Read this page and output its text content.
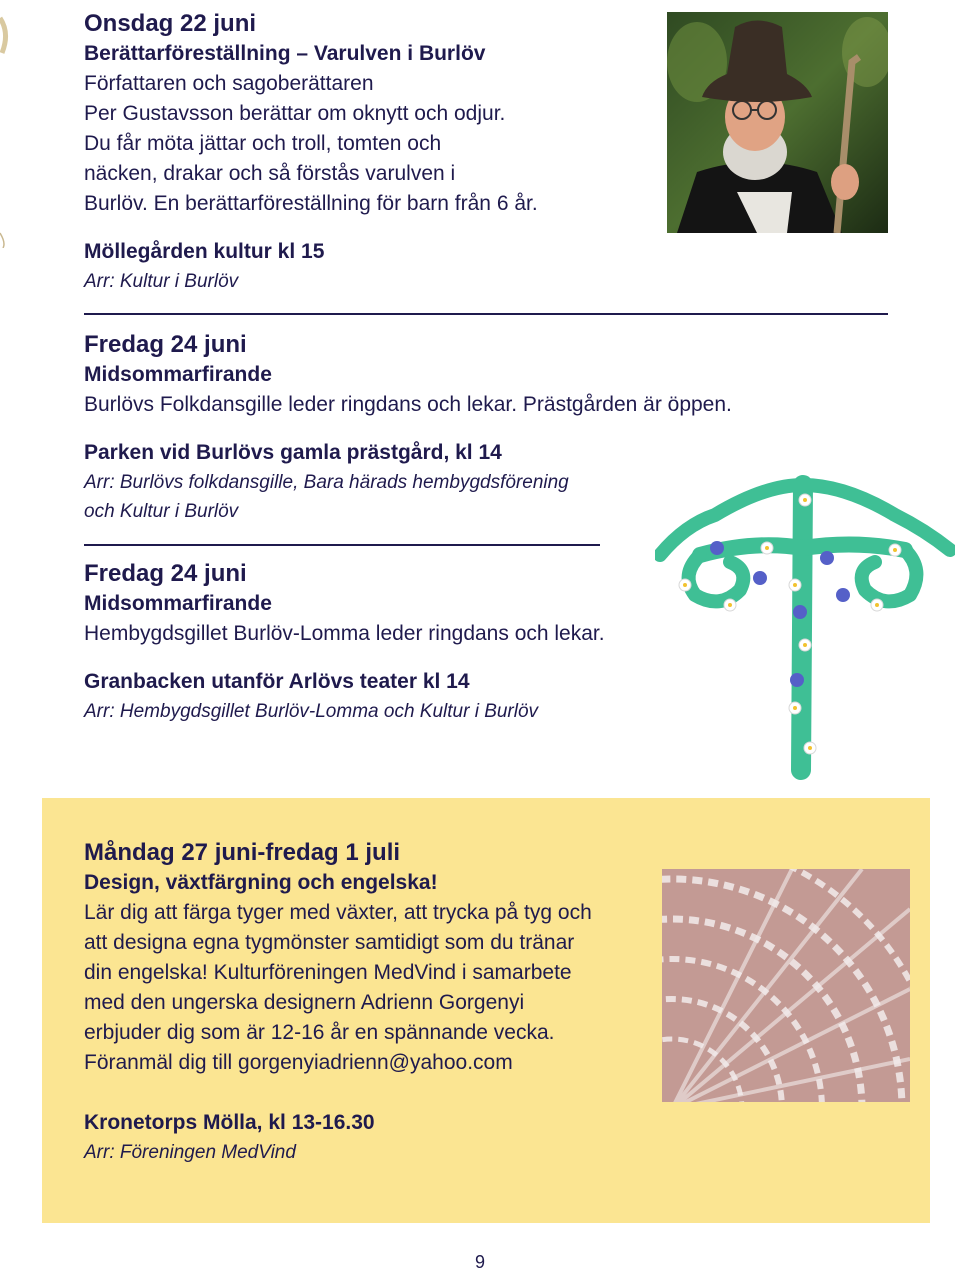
Onsdag 22 juni
Berättarföreställning – Varulven i Burlöv
Författaren och sagoberättaren
Per Gustavsson berättar om oknytt och odjur.
Du får möta jättar och troll, tomten och
näcken, drakar och så förstås varulven i
Burlöv. En berättarföreställning för barn från 6 år.
Möllegården kultur kl 15
Arr: Kultur i Burlöv
Fredag 24 juni
Midsommarfirande
Burlövs Folkdansgille leder ringdans och lekar. Prästgården är öppen.
Parken vid Burlövs gamla prästgård, kl 14
Arr: Burlövs folkdansgille, Bara härads hembygdsförening
och Kultur i Burlöv
Fredag 24 juni
Midsommarfirande
Hembygdsgillet Burlöv-Lomma leder ringdans och lekar.
Granbacken utanför Arlövs teater kl 14
Arr: Hembygdsgillet Burlöv-Lomma och Kultur i Burlöv
Måndag 27 juni-fredag 1 juli
Design, växtfärgning och engelska!
Lär dig att färga tyger med växter, att trycka på tyg och
att designa egna tygmönster samtidigt som du tränar
din engelska! Kulturföreningen MedVind i samarbete
med den ungerska designern Adrienn Gorgenyi
erbjuder dig som är 12-16 år en spännande vecka.
Föranmäl dig till gorgenyiadrienn@yahoo.com
Kronetorps Mölla, kl 13-16.30
Arr: Föreningen MedVind
9
